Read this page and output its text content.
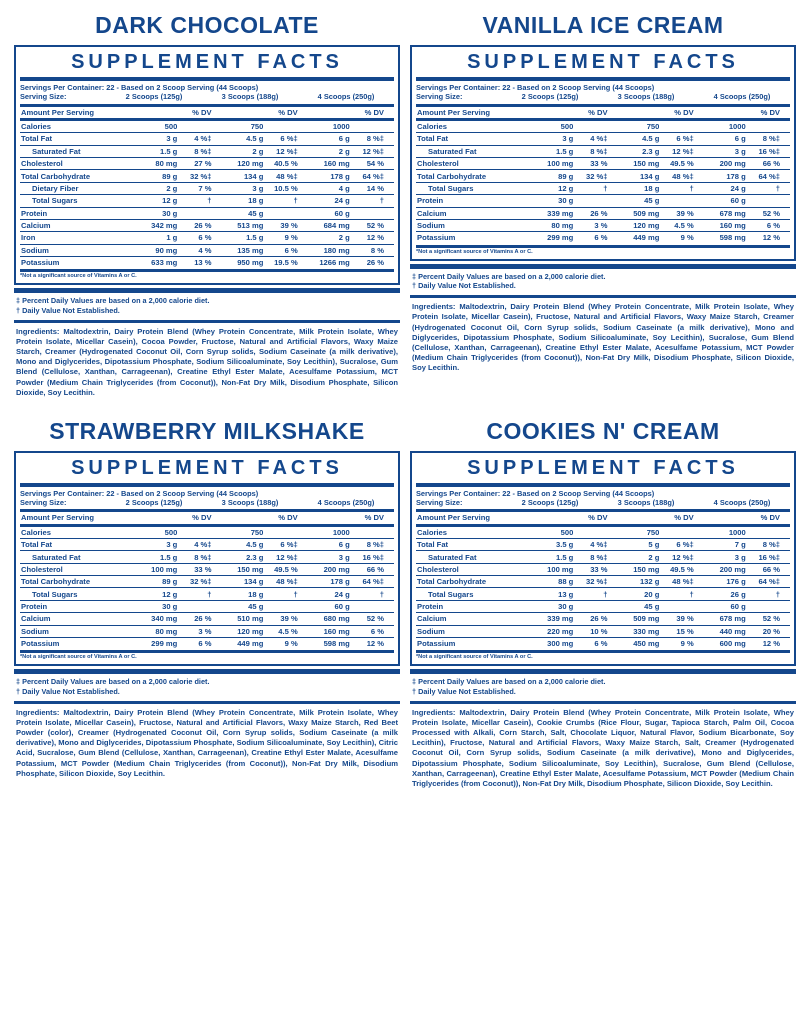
DARK CHOCOLATE
SUPPLEMENT FACTS
Servings Per Container: 22 - Based on 2 Scoop Serving (44 Scoops)
Serving Size:	2 Scoops (125g)	3 Scoops (188g)	4 Scoops (250g)
Amount Per Serving		% DV		% DV		% DV
Calories	500		750		1000	
Total Fat	3 g	4 %‡	4.5 g	6 %‡	6 g	8 %‡
Saturated Fat	1.5 g	8 %‡	2 g	12 %‡	2 g	12 %‡
Cholesterol	80 mg	27 %	120 mg	40.5 %	160 mg	54 %
Total Carbohydrate	89 g	32 %‡	134 g	48 %‡	178 g	64 %‡
Dietary Fiber	2 g	7 %	3 g	10.5 %	4 g	14 %
Total Sugars	12 g	†	18 g	†	24 g	†
Protein	30 g		45 g		60 g	
Calcium	342 mg	26 %	513 mg	39 %	684 mg	52 %
Iron	1 g	6 %	1.5 g	9 %	2 g	12 %
Sodium	90 mg	4 %	135 mg	6 %	180 mg	8 %
Potassium	633 mg	13 %	950 mg	19.5 %	1266 mg	26 %
*Not a significant source of Vitamins A or C.
‡ Percent Daily Values are based on a 2,000 calorie diet.
† Daily Value Not Established.
Ingredients: Maltodextrin, Dairy Protein Blend (Whey Protein Concentrate, Milk Protein Isolate, Whey Protein Isolate, Micellar Casein), Cocoa Powder, Fructose, Natural and Artificial Flavors, Waxy Maize Starch, Creamer (Hydrogenated Coconut Oil, Corn Syrup solids, Sodium Caseinate (a milk derivative), Mono and Diglycerides, Dipotassium Phosphate, Sodium Silicoaluminate, Soy Lecithin), Sucralose, Gum Blend (Cellulose, Xanthan, Carrageenan), Creatine Ethyl Ester Malate, Acesulfame Potassium, MCT Powder (Medium Chain Triglycerides (from Coconut)), Non-Fat Dry Milk, Disodium Phosphate, Silicon Dioxide, Soy Lecithin.
VANILLA ICE CREAM
SUPPLEMENT FACTS
Servings Per Container: 22 - Based on 2 Scoop Serving (44 Scoops)
Serving Size:	2 Scoops (125g)	3 Scoops (188g)	4 Scoops (250g)
Amount Per Serving		% DV		% DV		% DV
Calories	500		750		1000	
Total Fat	3 g	4 %‡	4.5 g	6 %‡	6 g	8 %‡
Saturated Fat	1.5 g	8 %‡	2.3 g	12 %‡	3 g	16 %‡
Cholesterol	100 mg	33 %	150 mg	49.5 %	200 mg	66 %
Total Carbohydrate	89 g	32 %‡	134 g	48 %‡	178 g	64 %‡
Total Sugars	12 g	†	18 g	†	24 g	†
Protein	30 g		45 g		60 g	
Calcium	339 mg	26 %	509 mg	39 %	678 mg	52 %
Sodium	80 mg	3 %	120 mg	4.5 %	160 mg	6 %
Potassium	299 mg	6 %	449 mg	9 %	598 mg	12 %
*Not a significant source of Vitamins A or C.
‡ Percent Daily Values are based on a 2,000 calorie diet.
† Daily Value Not Established.
Ingredients: Maltodextrin, Dairy Protein Blend (Whey Protein Concentrate, Milk Protein Isolate, Whey Protein Isolate, Micellar Casein), Fructose, Natural and Artificial Flavors, Waxy Maize Starch, Creamer (Hydrogenated Coconut Oil, Corn Syrup solids, Sodium Caseinate (a milk derivative), Mono and Diglycerides, Dipotassium Phosphate, Sodium Silicoaluminate, Soy Lecithin), Sucralose, Gum Blend (Cellulose, Xanthan, Carrageenan), Creatine Ethyl Ester Malate, Acesulfame Potassium, MCT Powder (Medium Chain Triglycerides (from Coconut)), Non-Fat Dry Milk, Disodium Phosphate, Silicon Dioxide, Soy Lecithin.
STRAWBERRY MILKSHAKE
SUPPLEMENT FACTS
Servings Per Container: 22 - Based on 2 Scoop Serving (44 Scoops)
Serving Size:	2 Scoops (125g)	3 Scoops (188g)	4 Scoops (250g)
Amount Per Serving		% DV		% DV		% DV
Calories	500		750		1000	
Total Fat	3 g	4 %‡	4.5 g	6 %‡	6 g	8 %‡
Saturated Fat	1.5 g	8 %‡	2.3 g	12 %‡	3 g	16 %‡
Cholesterol	100 mg	33 %	150 mg	49.5 %	200 mg	66 %
Total Carbohydrate	89 g	32 %‡	134 g	48 %‡	178 g	64 %‡
Total Sugars	12 g	†	18 g	†	24 g	†
Protein	30 g		45 g		60 g	
Calcium	340 mg	26 %	510 mg	39 %	680 mg	52 %
Sodium	80 mg	3 %	120 mg	4.5 %	160 mg	6 %
Potassium	299 mg	6 %	449 mg	9 %	598 mg	12 %
*Not a significant source of Vitamins A or C.
‡ Percent Daily Values are based on a 2,000 calorie diet.
† Daily Value Not Established.
Ingredients: Maltodextrin, Dairy Protein Blend (Whey Protein Concentrate, Milk Protein Isolate, Whey Protein Isolate, Micellar Casein), Fructose, Natural and Artificial Flavors, Waxy Maize Starch, Red Beet Powder (color), Creamer (Hydrogenated Coconut Oil, Corn Syrup solids, Sodium Caseinate (a milk derivative), Mono and Diglycerides, Dipotassium Phosphate, Sodium Silicoaluminate, Soy Lecithin), Citric Acid, Sucralose, Gum Blend (Cellulose, Xanthan, Carrageenan), Creatine Ethyl Ester Malate, Acesulfame Potassium, MCT Powder (Medium Chain Triglycerides (from Coconut)), Non-Fat Dry Milk, Disodium Phosphate, Silicon Dioxide, Soy Lecithin.
COOKIES N' CREAM
SUPPLEMENT FACTS
Servings Per Container: 22 - Based on 2 Scoop Serving (44 Scoops)
Serving Size:	2 Scoops (125g)	3 Scoops (188g)	4 Scoops (250g)
Amount Per Serving		% DV		% DV		% DV
Calories	500		750		1000	
Total Fat	3.5 g	4 %‡	5 g	6 %‡	7 g	8 %‡
Saturated Fat	1.5 g	8 %‡	2 g	12 %‡	3 g	16 %‡
Cholesterol	100 mg	33 %	150 mg	49.5 %	200 mg	66 %
Total Carbohydrate	88 g	32 %‡	132 g	48 %‡	176 g	64 %‡
Total Sugars	13 g	†	20 g	†	26 g	†
Protein	30 g		45 g		60 g	
Calcium	339 mg	26 %	509 mg	39 %	678 mg	52 %
Sodium	220 mg	10 %	330 mg	15 %	440 mg	20 %
Potassium	300 mg	6 %	450 mg	9 %	600 mg	12 %
*Not a significant source of Vitamins A or C.
‡ Percent Daily Values are based on a 2,000 calorie diet.
† Daily Value Not Established.
Ingredients: Maltodextrin, Dairy Protein Blend (Whey Protein Concentrate, Milk Protein Isolate, Whey Protein Isolate, Micellar Casein), Cookie Crumbs (Rice Flour, Sugar, Tapioca Starch, Palm Oil, Cocoa Processed with Alkali, Corn Starch, Salt, Chocolate Liquor, Natural Flavor, Sodium Bicarbonate, Soy Lecithin), Fructose, Natural and Artificial Flavors, Waxy Maize Starch, Salt, Creamer (Hydrogenated Coconut Oil, Corn Syrup solids, Sodium Caseinate (a milk derivative), Mono and Diglycerides, Dipotassium Phosphate, Sodium Silicoaluminate, Soy Lecithin), Sucralose, Gum Blend (Cellulose, Xanthan, Carrageenan), Creatine Ethyl Ester Malate, Acesulfame Potassium, MCT Powder (Medium Chain Triglycerides (from Coconut)), Non-Fat Dry Milk, Disodium Phosphate, Silicon Dioxide, Soy Lecithin.
